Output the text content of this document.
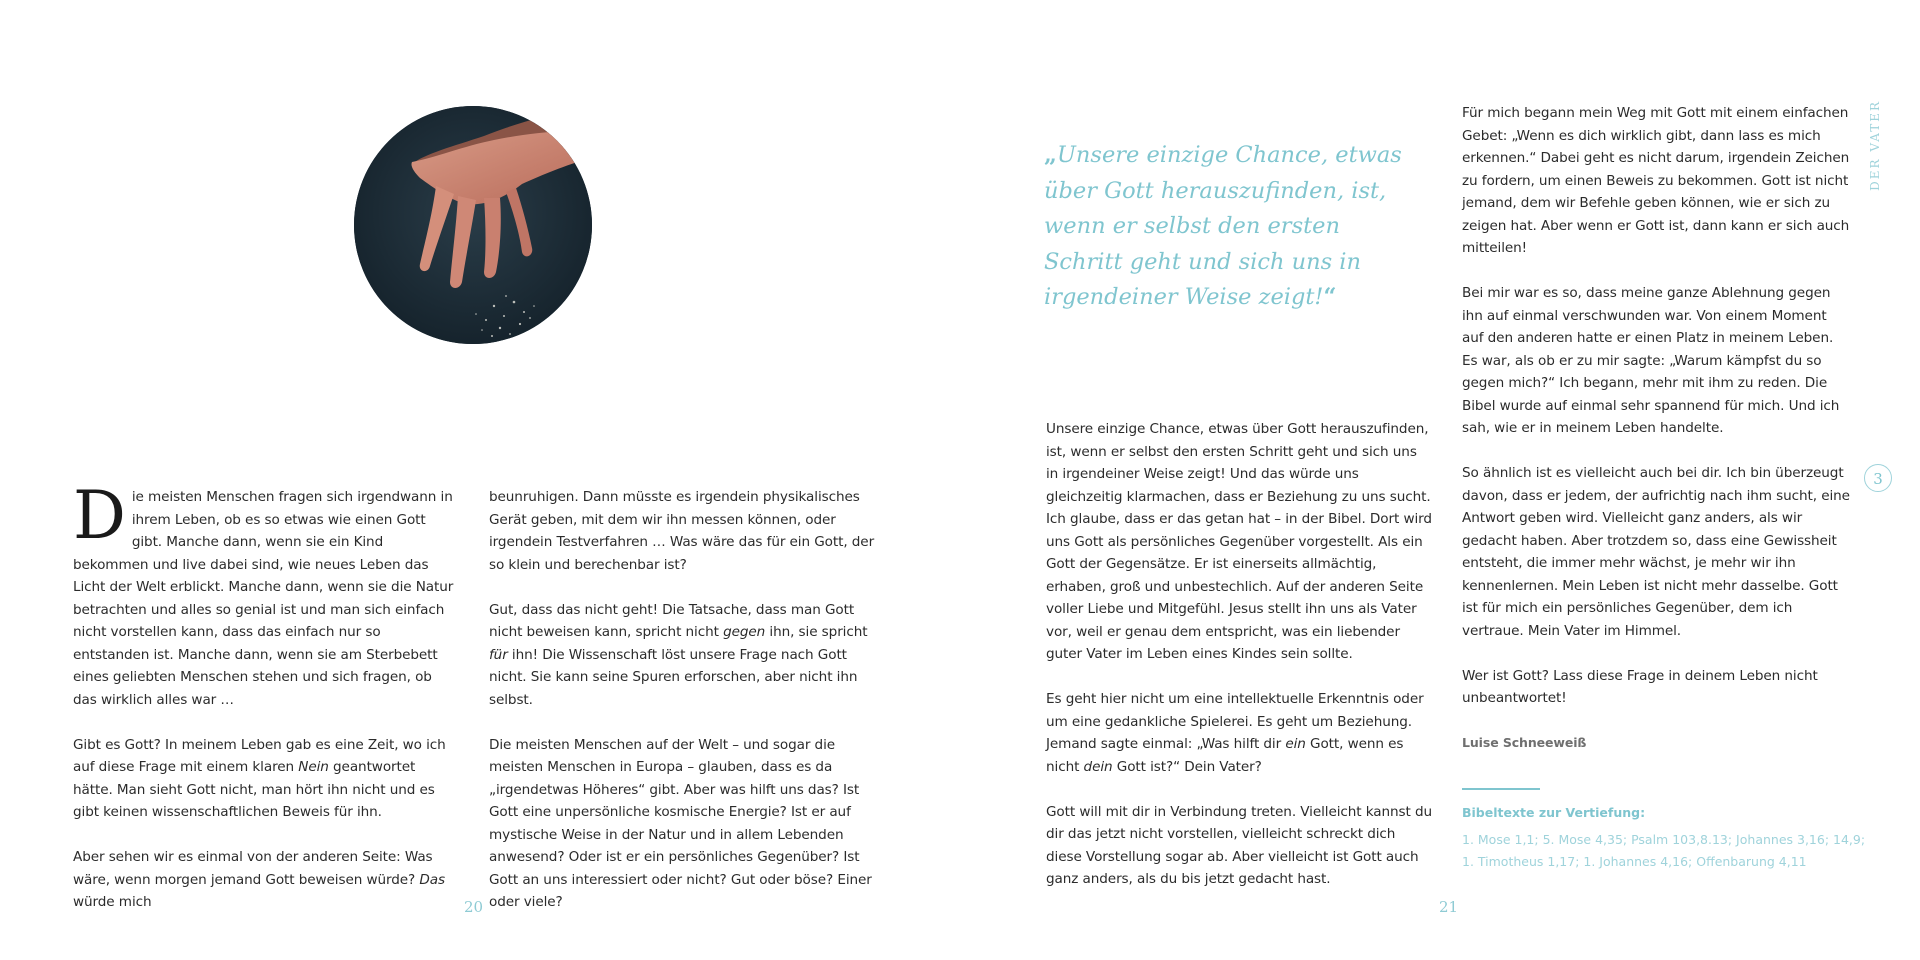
Die meisten Menschen fragen sich irgendwann in ihrem Leben, ob es so etwas wie einen Gott gibt. Manche dann, wenn sie ein Kind bekommen und live dabei sind, wie neues Leben das Licht der Welt erblickt. Manche dann, wenn sie die Natur betrachten und alles so genial ist und man sich einfach nicht vorstellen kann, dass das einfach nur so entstanden ist. Manche dann, wenn sie am Sterbebett eines geliebten Menschen stehen und sich fragen, ob das wirklich alles war …

Gibt es Gott? In meinem Leben gab es eine Zeit, wo ich auf diese Frage mit einem klaren Nein geantwortet hätte. Man sieht Gott nicht, man hört ihn nicht und es gibt keinen wissenschaftlichen Beweis für ihn.

Aber sehen wir es einmal von der anderen Seite: Was wäre, wenn morgen jemand Gott beweisen würde? Das würde mich

beunruhigen. Dann müsste es irgendein physikalisches Gerät geben, mit dem wir ihn messen können, oder irgendein Testverfahren … Was wäre das für ein Gott, der so klein und berechenbar ist?

Gut, dass das nicht geht! Die Tatsache, dass man Gott nicht beweisen kann, spricht nicht gegen ihn, sie spricht für ihn! Die Wissenschaft löst unsere Frage nach Gott nicht. Sie kann seine Spuren erforschen, aber nicht ihn selbst.

Die meisten Menschen auf der Welt – und sogar die meisten Menschen in Europa – glauben, dass es da „irgendetwas Höheres“ gibt. Aber was hilft uns das? Ist Gott eine unpersönliche kosmische Energie? Ist er auf mystische Weise in der Natur und in allem Lebenden anwesend? Oder ist er ein persönliches Gegenüber? Ist Gott an uns interessiert oder nicht? Gut oder böse? Einer oder viele?

20
„Unsere einzige Chance, etwas über Gott herauszufinden, ist, wenn er selbst den ersten Schritt geht und sich uns in irgendeiner Weise zeigt!“

Unsere einzige Chance, etwas über Gott herauszufinden, ist, wenn er selbst den ersten Schritt geht und sich uns in irgendeiner Weise zeigt! Und das würde uns gleichzeitig klarmachen, dass er Beziehung zu uns sucht. Ich glaube, dass er das getan hat – in der Bibel. Dort wird uns Gott als persönliches Gegenüber vorgestellt. Als ein Gott der Gegensätze. Er ist einerseits allmächtig, erhaben, groß und unbestechlich. Auf der anderen Seite voller Liebe und Mitgefühl. Jesus stellt ihn uns als Vater vor, weil er genau dem entspricht, was ein liebender guter Vater im Leben eines Kindes sein sollte.

Es geht hier nicht um eine intellektuelle Erkenntnis oder um eine gedankliche Spielerei. Es geht um Beziehung. Jemand sagte einmal: „Was hilft dir ein Gott, wenn es nicht dein Gott ist?“ Dein Vater?

Gott will mit dir in Verbindung treten. Vielleicht kannst du dir das jetzt nicht vorstellen, vielleicht schreckt dich diese Vorstellung sogar ab. Aber vielleicht ist Gott auch ganz anders, als du bis jetzt gedacht hast.

Für mich begann mein Weg mit Gott mit einem einfachen Gebet: „Wenn es dich wirklich gibt, dann lass es mich erkennen.“ Dabei geht es nicht darum, irgendein Zeichen zu fordern, um einen Beweis zu bekommen. Gott ist nicht jemand, dem wir Befehle geben können, wie er sich zu zeigen hat. Aber wenn er Gott ist, dann kann er sich auch mitteilen!

Bei mir war es so, dass meine ganze Ablehnung gegen ihn auf einmal verschwunden war. Von einem Moment auf den anderen hatte er einen Platz in meinem Leben. Es war, als ob er zu mir sagte: „Warum kämpfst du so gegen mich?“ Ich begann, mehr mit ihm zu reden. Die Bibel wurde auf einmal sehr spannend für mich. Und ich sah, wie er in meinem Leben handelte.

So ähnlich ist es vielleicht auch bei dir. Ich bin überzeugt davon, dass er jedem, der aufrichtig nach ihm sucht, eine Antwort geben wird. Vielleicht ganz anders, als wir gedacht haben. Aber trotzdem so, dass eine Gewissheit entsteht, die immer mehr wächst, je mehr wir ihn kennenlernen. Mein Leben ist nicht mehr dasselbe. Gott ist für mich ein persönliches Gegenüber, dem ich vertraue. Mein Vater im Himmel.

Wer ist Gott? Lass diese Frage in deinem Leben nicht unbeantwortet!

Luise Schneeweiß

Bibeltexte zur Vertiefung:
1. Mose 1,1; 5. Mose 4,35; Psalm 103,8.13; Johannes 3,16; 14,9;
1. Timotheus 1,17; 1. Johannes 4,16; Offenbarung 4,11
DER VATER
3
21
